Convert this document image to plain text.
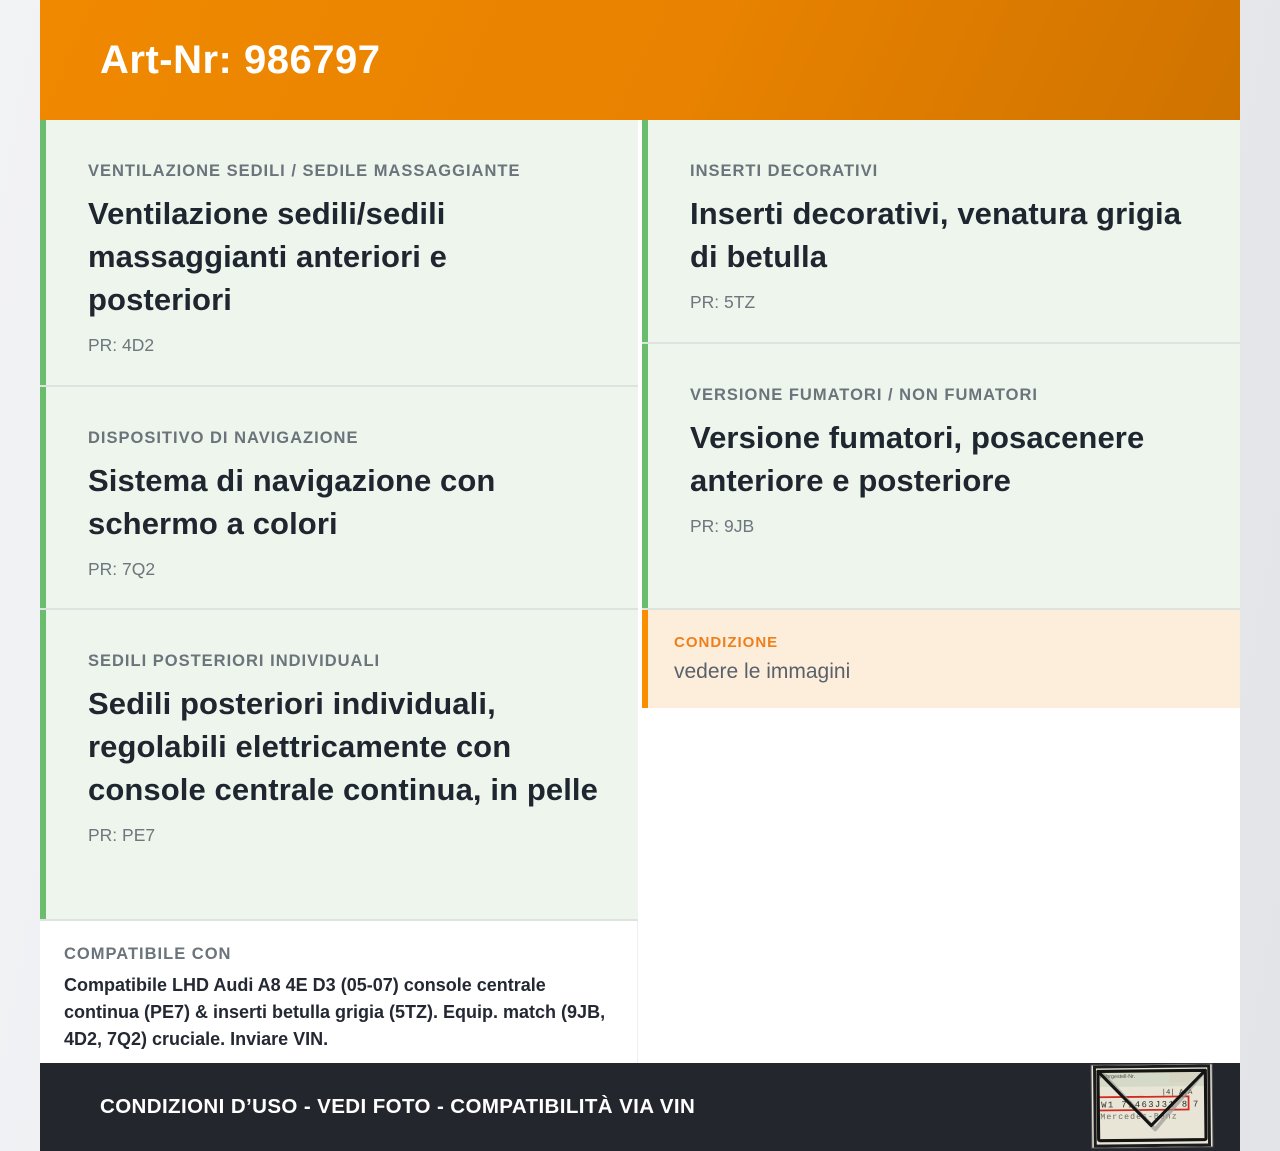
Art-Nr: 986797
VENTILAZIONE SEDILI / SEDILE MASSAGGIANTE
Ventilazione sedili/sedili massaggianti anteriori e posteriori
PR: 4D2
DISPOSITIVO DI NAVIGAZIONE
Sistema di navigazione con schermo a colori
PR: 7Q2
SEDILI POSTERIORI INDIVIDUALI
Sedili posteriori individuali, regolabili elettricamente con console centrale continua, in pelle
PR: PE7
COMPATIBILE CON
Compatibile LHD Audi A8 4E D3 (05-07) console centrale continua (PE7) & inserti betulla grigia (5TZ). Equip. match (9JB, 4D2, 7Q2) cruciale. Inviare VIN.
INSERTI DECORATIVI
Inserti decorativi, venatura grigia di betulla
PR: 5TZ
VERSIONE FUMATORI / NON FUMATORI
Versione fumatori, posacenere anteriore e posteriore
PR: 9JB
CONDIZIONE
vedere le immagini
CONDIZIONI D’USO - VEDI FOTO - COMPATIBILITÀ VIA VIN
Fahrgestell-Nr.
|4| A|A
W1 71463J31 8 7
Mercedes-Benz
